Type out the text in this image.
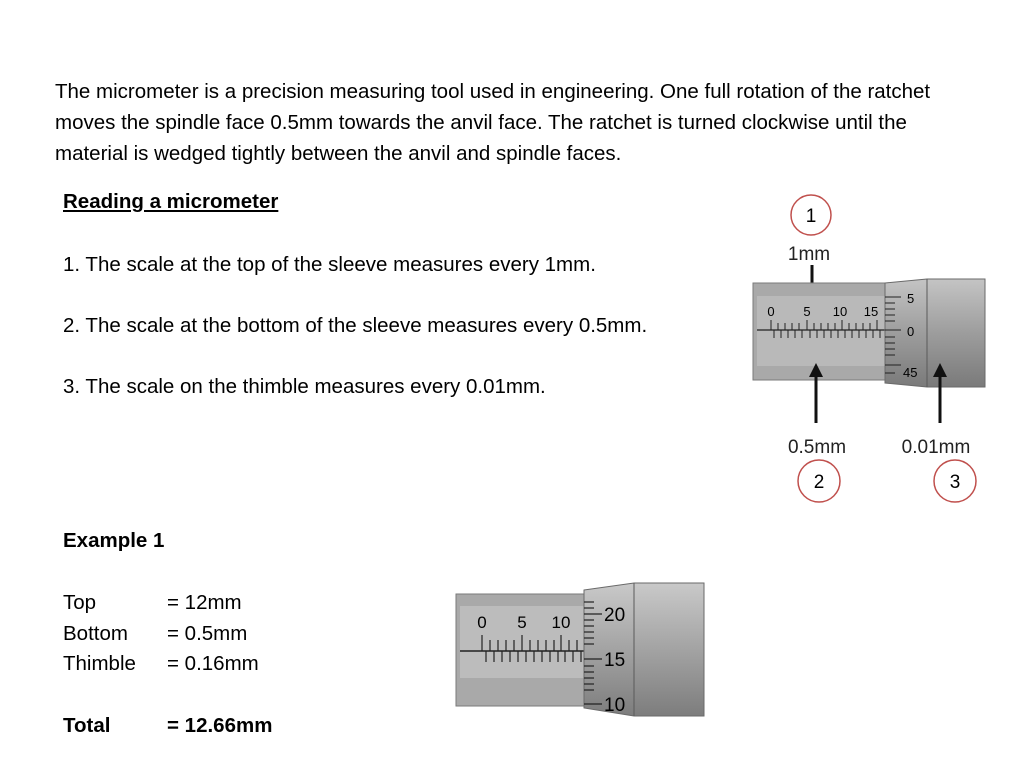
The micrometer is a precision measuring tool used in engineering. One full rotation of the ratchet moves the spindle face 0.5mm towards the anvil face. The ratchet is turned clockwise until the material is wedged tightly between the anvil and spindle faces.

Reading a micrometer
1. The scale at the top of the sleeve measures every 1mm.
2. The scale at the bottom of the sleeve measures every 0.5mm.
3. The scale on the thimble measures every 0.01mm.
1
1mm
0 5 10 15
5
0
45
0.5mm	0.01mm
2	3
Example 1
Top	= 12mm
Bottom = 0.5mm
Thimble = 0.16mm
Total	= 12.66mm
0 5 10 20
15
10
